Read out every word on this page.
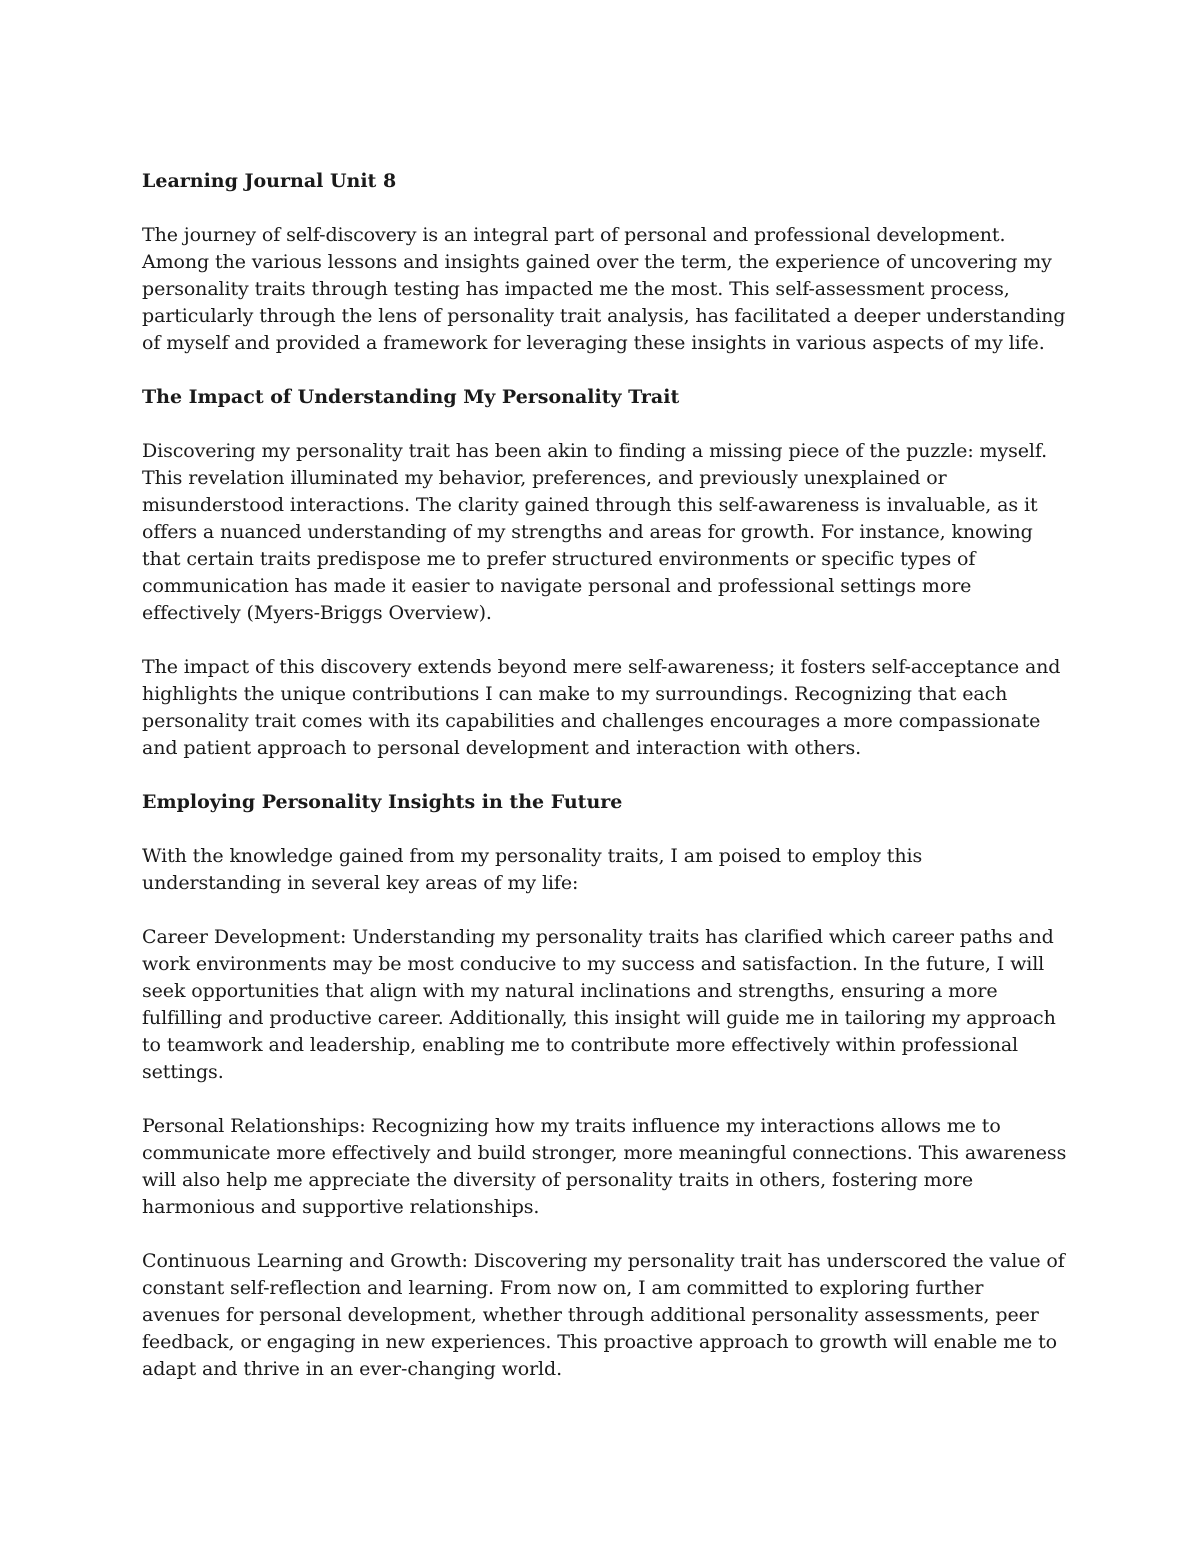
Learning Journal Unit 8

The journey of self-discovery is an integral part of personal and professional development. Among the various lessons and insights gained over the term, the experience of uncovering my personality traits through testing has impacted me the most. This self-assessment process, particularly through the lens of personality trait analysis, has facilitated a deeper understanding of myself and provided a framework for leveraging these insights in various aspects of my life.

The Impact of Understanding My Personality Trait

Discovering my personality trait has been akin to finding a missing piece of the puzzle: myself. This revelation illuminated my behavior, preferences, and previously unexplained or misunderstood interactions. The clarity gained through this self-awareness is invaluable, as it offers a nuanced understanding of my strengths and areas for growth. For instance, knowing that certain traits predispose me to prefer structured environments or specific types of communication has made it easier to navigate personal and professional settings more effectively (Myers-Briggs Overview).

The impact of this discovery extends beyond mere self-awareness; it fosters self-acceptance and highlights the unique contributions I can make to my surroundings. Recognizing that each personality trait comes with its capabilities and challenges encourages a more compassionate and patient approach to personal development and interaction with others.

Employing Personality Insights in the Future

With the knowledge gained from my personality traits, I am poised to employ this understanding in several key areas of my life:

Career Development: Understanding my personality traits has clarified which career paths and work environments may be most conducive to my success and satisfaction. In the future, I will seek opportunities that align with my natural inclinations and strengths, ensuring a more fulfilling and productive career. Additionally, this insight will guide me in tailoring my approach to teamwork and leadership, enabling me to contribute more effectively within professional settings.

Personal Relationships: Recognizing how my traits influence my interactions allows me to communicate more effectively and build stronger, more meaningful connections. This awareness will also help me appreciate the diversity of personality traits in others, fostering more harmonious and supportive relationships.

Continuous Learning and Growth: Discovering my personality trait has underscored the value of constant self-reflection and learning. From now on, I am committed to exploring further avenues for personal development, whether through additional personality assessments, peer feedback, or engaging in new experiences. This proactive approach to growth will enable me to adapt and thrive in an ever-changing world.
